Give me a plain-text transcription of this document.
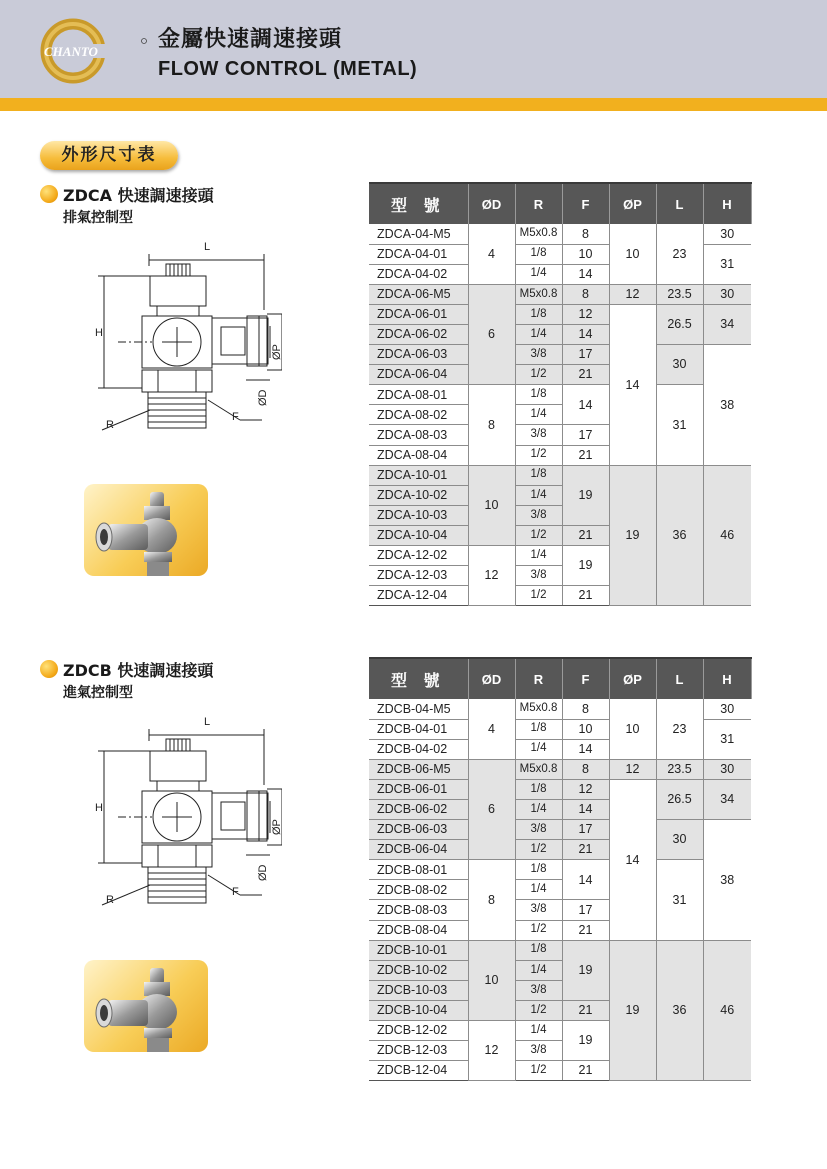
CHANTO	金屬快速調速接頭
FLOW CONTROL (METAL)
外形尺寸表
ZDCA 快速調速接頭
排氣控制型
L
H
ØP
ØD
R
F
型 號	ØD	R	F	ØP	L	H
ZDCA-04-M5	4	M5x0.8	8	10	23	30
ZDCA-04-01		1/8	10			31
ZDCA-04-02		1/4	14			
ZDCA-06-M5	6	M5x0.8	8	12	23.5	30
ZDCA-06-01		1/8	12	14	26.5	34
ZDCA-06-02		1/4	14			
ZDCA-06-03		3/8	17		30	38
ZDCA-06-04		1/2	21			
ZDCA-08-01	8	1/8	14		31	
ZDCA-08-02		1/4				
ZDCA-08-03		3/8	17			
ZDCA-08-04		1/2	21			
ZDCA-10-01	10	1/8	19	19	36	46
ZDCA-10-02		1/4				
ZDCA-10-03		3/8				
ZDCA-10-04		1/2	21			
ZDCA-12-02	12	1/4	19			
ZDCA-12-03		3/8				
ZDCA-12-04		1/2	21			
ZDCB 快速調速接頭
進氣控制型
L
H
ØP
ØD
R
F
型 號	ØD	R	F	ØP	L	H
ZDCB-04-M5	4	M5x0.8	8	10	23	30
ZDCB-04-01		1/8	10			31
ZDCB-04-02		1/4	14			
ZDCB-06-M5	6	M5x0.8	8	12	23.5	30
ZDCB-06-01		1/8	12	14	26.5	34
ZDCB-06-02		1/4	14			
ZDCB-06-03		3/8	17		30	38
ZDCB-06-04		1/2	21			
ZDCB-08-01	8	1/8	14		31	
ZDCB-08-02		1/4				
ZDCB-08-03		3/8	17			
ZDCB-08-04		1/2	21			
ZDCB-10-01	10	1/8	19	19	36	46
ZDCB-10-02		1/4				
ZDCB-10-03		3/8				
ZDCB-10-04		1/2	21			
ZDCB-12-02	12	1/4	19			
ZDCB-12-03		3/8				
ZDCB-12-04		1/2	21			
